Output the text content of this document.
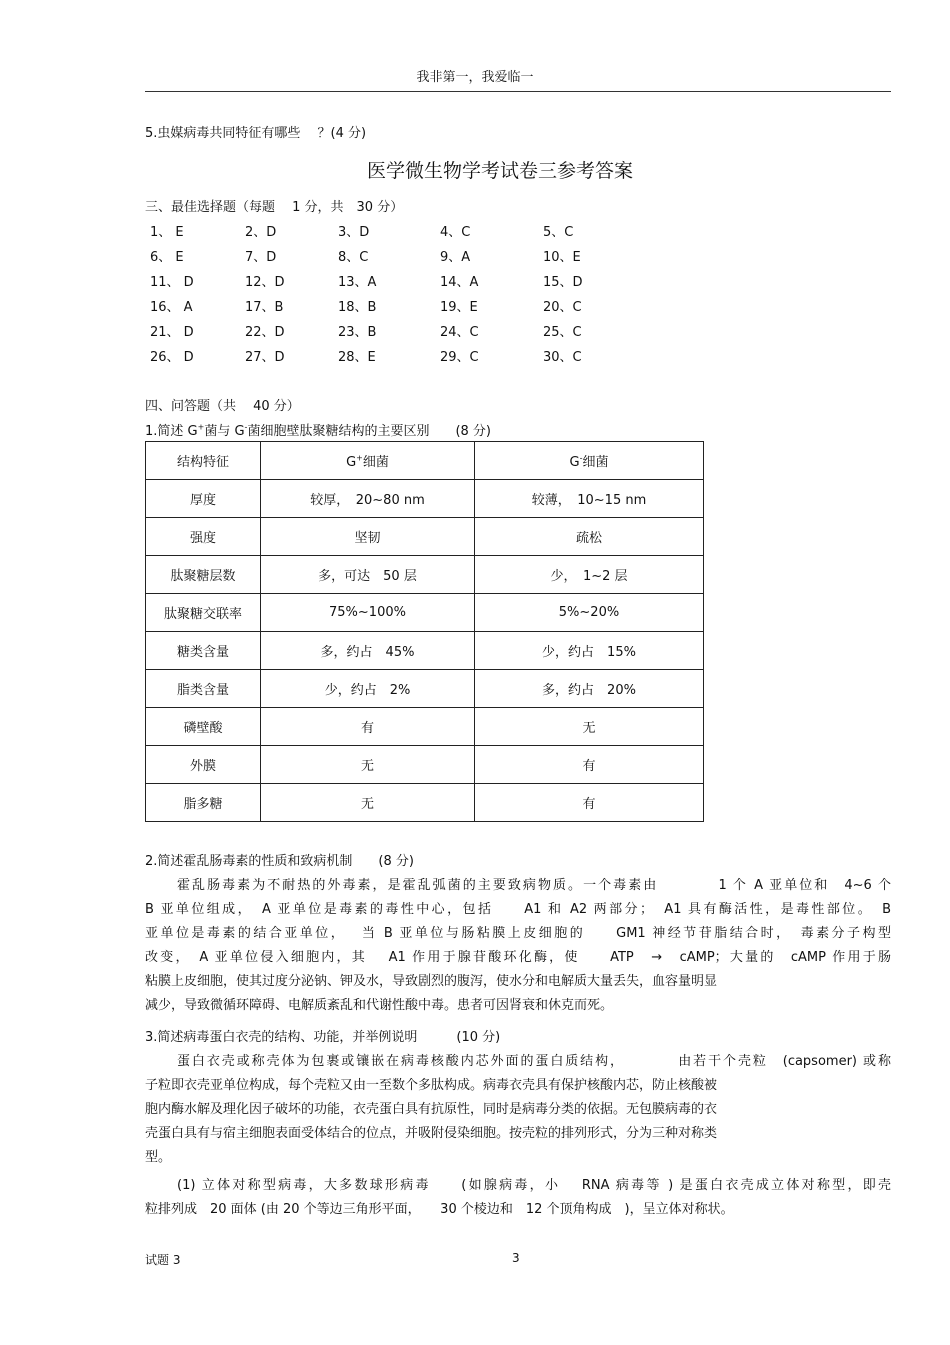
我非第一，我爱临一
5.虫媒病毒共同特征有哪些　 ？(4 分)
医学微生物学考试卷三参考答案
三、最佳选择题（每题　 1 分，共　30 分）
1、 E	2、D	3、D	4、C	5、C
6、 E	7、D	8、C	9、A	10、E
11、 D	12、D	13、A	14、A	15、D
16、 A	17、B	18、B	19、E	20、C
21、 D	22、D	23、B	24、C	25、C
26、 D	27、D	28、E	29、C	30、C
四、问答题（共　 40 分）
1.简述 G+菌与 G-菌细胞壁肽聚糖结构的主要区别　　(8 分)
结构特征	G+细菌	G-细菌
厚度	较厚，　20~80 nm	较薄，　10~15 nm
强度	坚韧	疏松
肽聚糖层数	多，可达　50 层	少，　1~2 层
肽聚糖交联率	75%~100%	5%~20%
糖类含量	多，约占　45%	少，约占　15%
脂类含量	少，约占　2%	多，约占　20%
磷壁酸	有	无
外膜	无	有
脂多糖	无	有
2.简述霍乱肠毒素的性质和致病机制　　(8 分)
霍乱肠毒素为不耐热的外毒素，是霍乱弧菌的主要致病物质。一个毒素由　　　　1 个 A 亚单位和　4~6 个
B 亚单位组成，　A 亚单位是毒素的毒性中心，包括　　A1 和 A2 两部分；　A1 具有酶活性，是毒性部位。　B
亚单位是毒素的结合亚单位，　 当 B 亚单位与肠粘膜上皮细胞的　　GM1 神经节苷脂结合时，　毒素分子构型
改变，　A 亚单位侵入细胞内，其　 A1 作用于腺苷酸环化酶，使　　ATP　→　cAMP；大量的　cAMP 作用于肠
粘膜上皮细胞，使其过度分泌钠、钾及水，导致剧烈的腹泻，使水分和电解质大量丢失，血容量明显
减少，导致微循环障碍、电解质紊乱和代谢性酸中毒。患者可因肾衰和休克而死。
3.简述病毒蛋白衣壳的结构、功能，并举例说明　　　(10 分)
蛋白衣壳或称壳体为包裹或镶嵌在病毒核酸内芯外面的蛋白质结构，　　　　由若干个壳粒　(capsomer) 或称
子粒即衣壳亚单位构成，每个壳粒又由一至数个多肽构成。病毒衣壳具有保护核酸内芯，防止核酸被
胞内酶水解及理化因子破坏的功能，衣壳蛋白具有抗原性，同时是病毒分类的依据。无包膜病毒的衣
壳蛋白具有与宿主细胞表面受体结合的位点，并吸附侵染细胞。按壳粒的排列形式，分为三种对称类
型。
(1) 立体对称型病毒，大多数球形病毒　　(如腺病毒，小　 RNA 病毒等 ) 是蛋白衣壳成立体对称型，即壳
粒排列成　20 面体 (由 20 个等边三角形平面，　　30 个棱边和　12 个顶角构成　)，呈立体对称状。
试题 3	3
